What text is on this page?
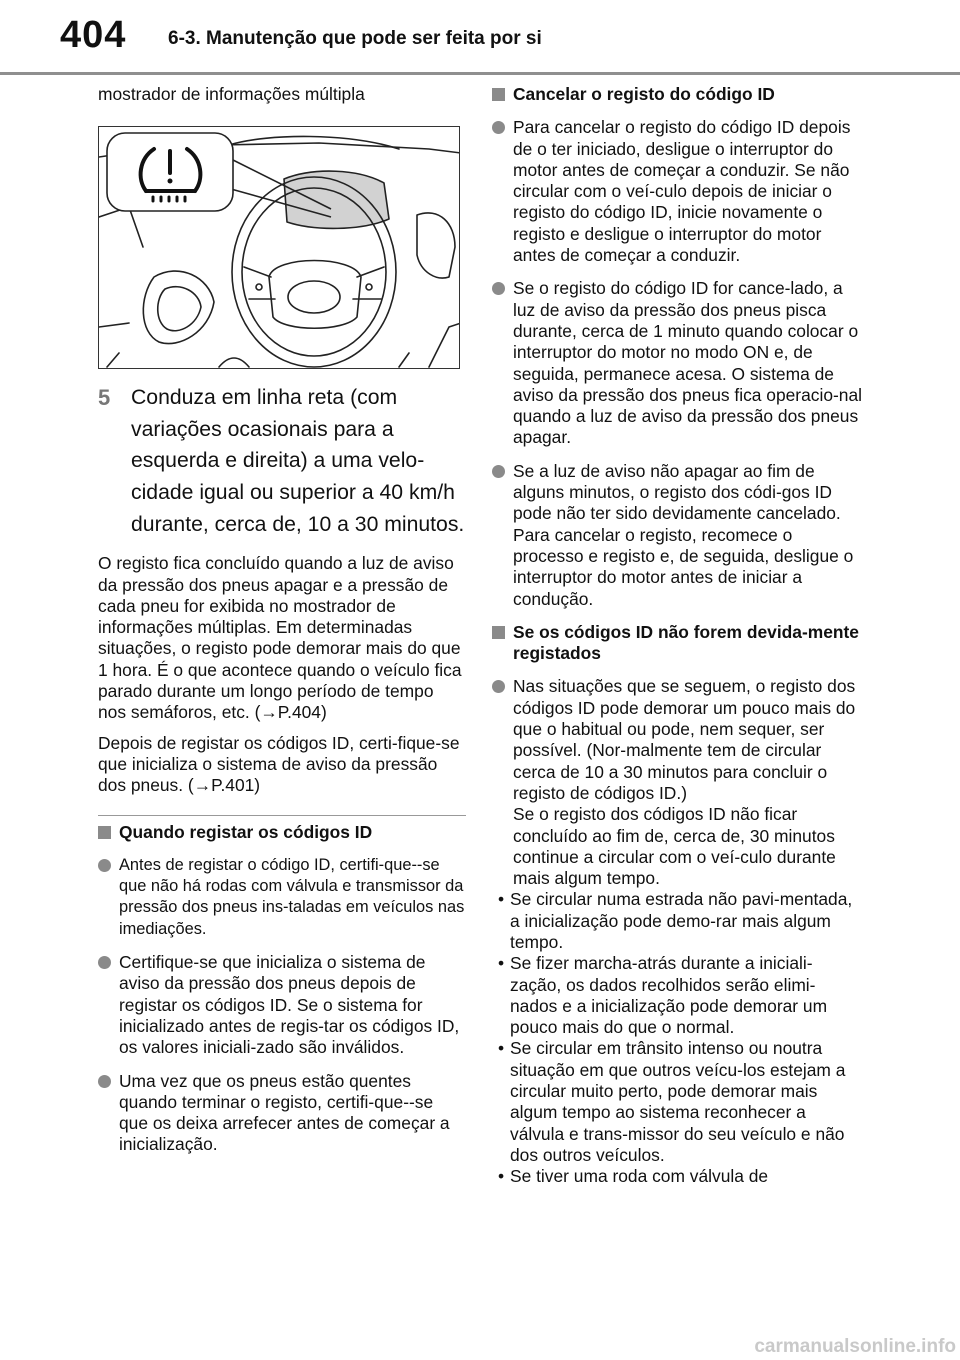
404 6-3. Manutenção que pode ser feita por si

mostrador de informações múltipla

5 Conduza em linha reta (com variações ocasionais para a esquerda e direita) a uma velo-cidade igual ou superior a 40 km/h durante, cerca de, 10 a 30 minutos.

O registo fica concluído quando a luz de aviso da pressão dos pneus apagar e a pressão de cada pneu for exibida no mostrador de informações múltiplas. Em determinadas situações, o registo pode demorar mais do que 1 hora. É o que acontece quando o veículo fica parado durante um longo período de tempo nos semáforos, etc. (→P.404)

Depois de registar os códigos ID, certi-fique-se que inicializa o sistema de aviso da pressão dos pneus. (→P.401)

Quando registar os códigos ID
Antes de registar o código ID, certifi-que--se que não há rodas com válvula e transmissor da pressão dos pneus ins-taladas em veículos nas imediações.
Certifique-se que inicializa o sistema de aviso da pressão dos pneus depois de registar os códigos ID. Se o sistema for inicializado antes de regis-tar os códigos ID, os valores iniciali-zado são inválidos.
Uma vez que os pneus estão quentes quando terminar o registo, certifi-que--se que os deixa arrefecer antes de começar a inicialização.
Cancelar o registo do código ID
Para cancelar o registo do código ID depois de o ter iniciado, desligue o interruptor do motor antes de começar a conduzir. Se não circular com o veí-culo depois de iniciar o registo do código ID, inicie novamente o registo e desligue o interruptor do motor antes de começar a conduzir.
Se o registo do código ID for cance-lado, a luz de aviso da pressão dos pneus pisca durante, cerca de 1 minuto quando colocar o interruptor do motor no modo ON e, de seguida, permanece acesa. O sistema de aviso da pressão dos pneus fica operacio-nal quando a luz de aviso da pressão dos pneus apagar.
Se a luz de aviso não apagar ao fim de alguns minutos, o registo dos códi-gos ID pode não ter sido devidamente cancelado. Para cancelar o registo, recomece o processo e registo e, de seguida, desligue o interruptor do motor antes de iniciar a condução.
Se os códigos ID não forem devida-mente registados

Nas situações que se seguem, o registo dos códigos ID pode demorar um pouco mais do que o habitual ou pode, nem sequer, ser possível. (Nor-malmente tem de circular cerca de 10 a 30 minutos para concluir o registo de códigos ID.)

Se o registo dos códigos ID não ficar concluído ao fim de, cerca de, 30 minutos continue a circular com o veí-culo durante mais algum tempo.

• Se circular numa estrada não pavi-mentada, a inicialização pode demo-rar mais algum tempo.
• Se fizer marcha-atrás durante a iniciali-zação, os dados recolhidos serão elimi-nados e a inicialização pode demorar um pouco mais do que o normal.
• Se circular em trânsito intenso ou noutra situação em que outros veícu-los estejam a circular muito perto, pode demorar mais algum tempo ao sistema reconhecer a válvula e trans-missor do seu veículo e não dos outros veículos.
• Se tiver uma roda com válvula de
carmanualsonline.info
